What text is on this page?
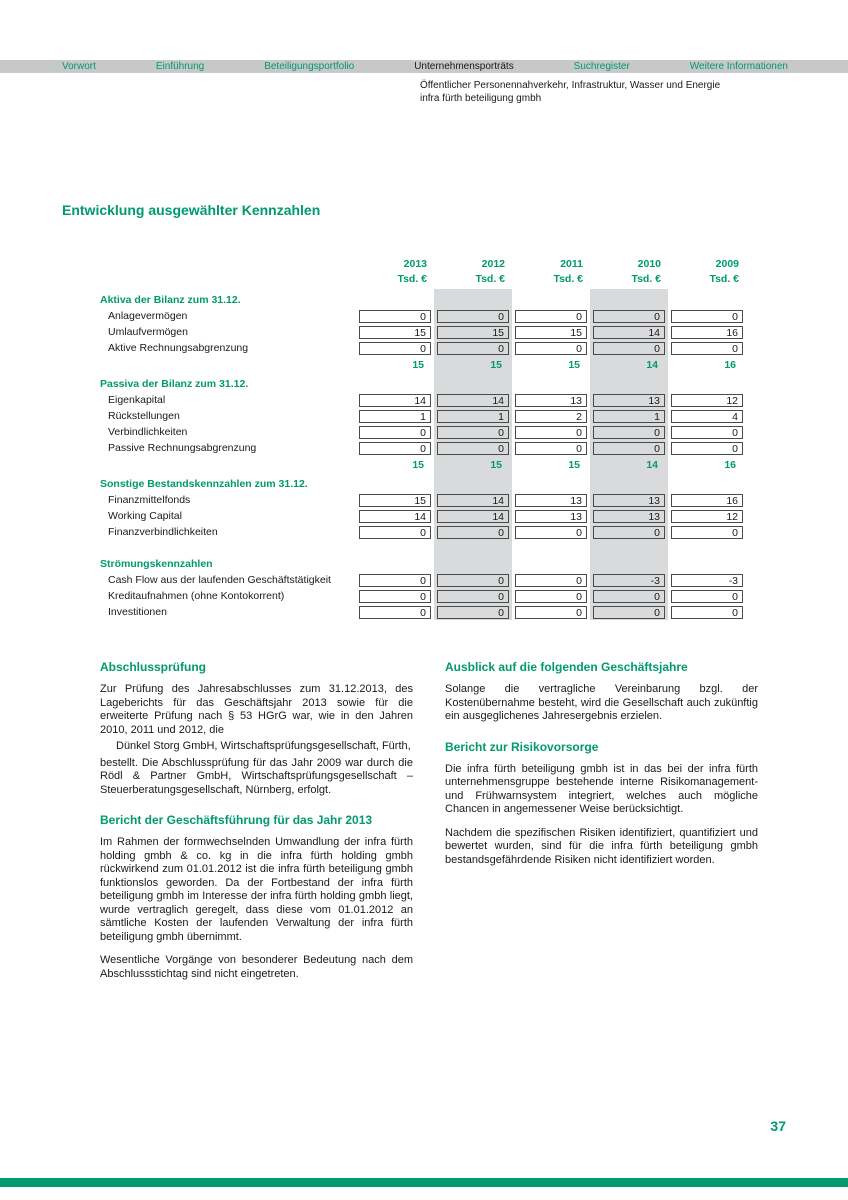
Vorwort	Einführung	Beteiligungsportfolio	Unternehmensporträts	Suchregister	Weitere Informationen
Öffentlicher Personennahverkehr, Infrastruktur, Wasser und Energie
infra fürth beteiligung gmbh
Entwicklung ausgewählter Kennzahlen
	2013	2012	2011	2010	2009
	Tsd. €	Tsd. €	Tsd. €	Tsd. €	Tsd. €
Aktiva der Bilanz zum 31.12.					
Anlagevermögen	0	0	0	0	0

Umlaufvermögen	15	15	15	14	16

Aktive Rechnungsabgrenzung	0	0	0	0	0

	15	15	15	14	16

Passiva der Bilanz zum 31.12.					
Eigenkapital	14	14	13	13	12

Rückstellungen	1	1	2	1	4

Verbindlichkeiten	0	0	0	0	0

Passive Rechnungsabgrenzung	0	0	0	0	0

	15	15	15	14	16

Sonstige Bestandskennzahlen zum 31.12.					
Finanzmittelfonds	15	14	13	13	16

Working Capital	14	14	13	13	12

Finanzverbindlichkeiten	0	0	0	0	0

Strömungskennzahlen					
Cash Flow aus der laufenden Geschäftstätigkeit	0	0	0	-3	-3

Kreditaufnahmen (ohne Kontokorrent)	0	0	0	0	0

Investitionen	0	0	0	0	0
Abschlussprüfung

Zur Prüfung des Jahresabschlusses zum 31.12.2013, des Lageberichts für das Geschäftsjahr 2013 sowie für die erweiterte Prüfung nach § 53 HGrG war, wie in den Jahren 2010, 2011 und 2012, die

Dünkel Storg GmbH, Wirtschaftsprüfungsgesellschaft, Fürth,

bestellt. Die Abschlussprüfung für das Jahr 2009 war durch die Rödl & Partner GmbH, Wirtschaftsprüfungsgesellschaft – Steuerberatungsgesellschaft, Nürnberg, erfolgt.

Bericht der Geschäftsführung für das Jahr 2013

Im Rahmen der formwechselnden Umwandlung der infra fürth holding gmbh & co. kg in die infra fürth holding gmbh rückwirkend zum 01.01.2012 ist die infra fürth beteiligung gmbh funktionslos geworden. Da der Fortbestand der infra fürth beteiligung gmbh im Interesse der infra fürth holding gmbh liegt, wurde vertraglich geregelt, dass diese vom 01.01.2012 an sämtliche Kosten der laufenden Verwaltung der infra fürth beteiligung gmbh übernimmt.

Wesentliche Vorgänge von besonderer Bedeutung nach dem Abschlussstichtag sind nicht eingetreten.

Ausblick auf die folgenden Geschäftsjahre

Solange die vertragliche Vereinbarung bzgl. der Kostenübernahme besteht, wird die Gesellschaft auch zukünftig ein ausgeglichenes Jahresergebnis erzielen.

Bericht zur Risikovorsorge

Die infra fürth beteiligung gmbh ist in das bei der infra fürth unternehmensgruppe bestehende interne Risikomanagement- und Frühwarnsystem integriert, welches auch mögliche Chancen in angemessener Weise berücksichtigt.

Nachdem die spezifischen Risiken identifiziert, quantifiziert und bewertet wurden, sind für die infra fürth beteiligung gmbh bestandsgefährdende Risiken nicht identifiziert worden.

37
